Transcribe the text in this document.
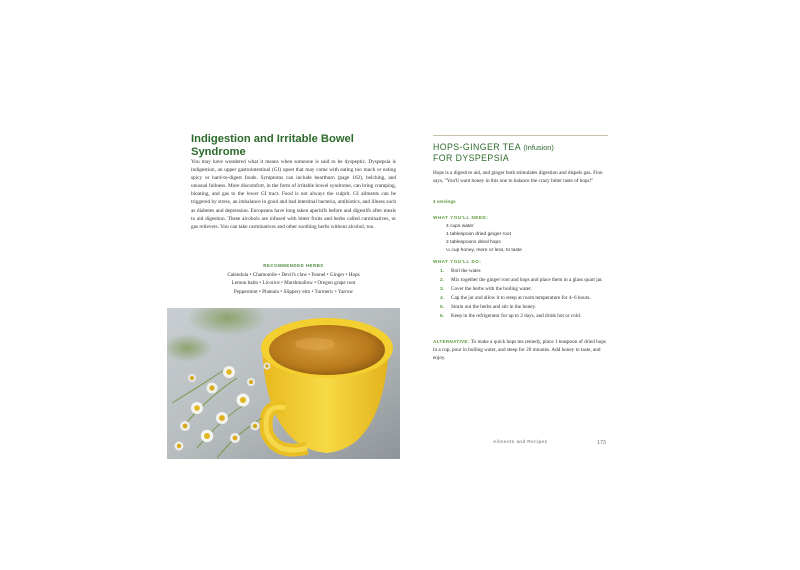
Indigestion and Irritable Bowel Syndrome
You may have wondered what it means when someone is said to be dyspeptic. Dyspepsia is indigestion, an upper gastrointestinal (GI) upset that may come with eating too much or eating spicy or hard-to-digest foods. Symptoms can include heartburn (page 162), belching, and unusual fullness. More discomfort, in the form of irritable bowel syndrome, can bring cramping, bloating, and gas to the lower GI tract. Food is not always the culprit. GI ailments can be triggered by stress, an imbalance in good and bad intestinal bacteria, antibiotics, and illness such as diabetes and depression. Europeans have long taken aperitifs before and digestifs after meals to aid digestion. These alcohols are infused with bitter fruits and herbs called carminatives, or gas relievers. You can take carminatives and other soothing herbs without alcohol, too.
RECOMMENDED HERBS
Calendula • Chamomile • Devil's claw • Fennel • Ginger • Hops
Lemon balm • Licorice • Marshmallow • Oregon grape root
Peppermint • Plantain • Slippery elm • Turmeric • Yarrow
HOPS-GINGER TEA (Infusion)
FOR DYSPEPSIA
Hops is a digestive aid, and ginger both stimulates digestion and dispels gas. Finn says, "You'll want honey in this one to balance the crazy bitter taste of hops!"
4 servings
WHAT YOU'LL NEED:
4 cups water
1 tablespoon dried ginger root
2 tablespoons dried hops
¼ cup honey, more or less, to taste
WHAT YOU'LL DO:
1.	Boil the water.
2.	Mix together the ginger root and hops and place them in a glass quart jar.
3.	Cover the herbs with the boiling water.
4.	Cap the jar and allow it to steep at room temperature for 4–6 hours.
5.	Strain out the herbs and stir in the honey.
6.	Keep in the refrigerator for up to 2 days, and drink hot or cold.
ALTERNATIVE: To make a quick hops tea remedy, place 1 teaspoon of dried hops in a cup, pour in boiling water, and steep for 20 minutes. Add honey to taste, and enjoy.
Ailments and Recipes	173
